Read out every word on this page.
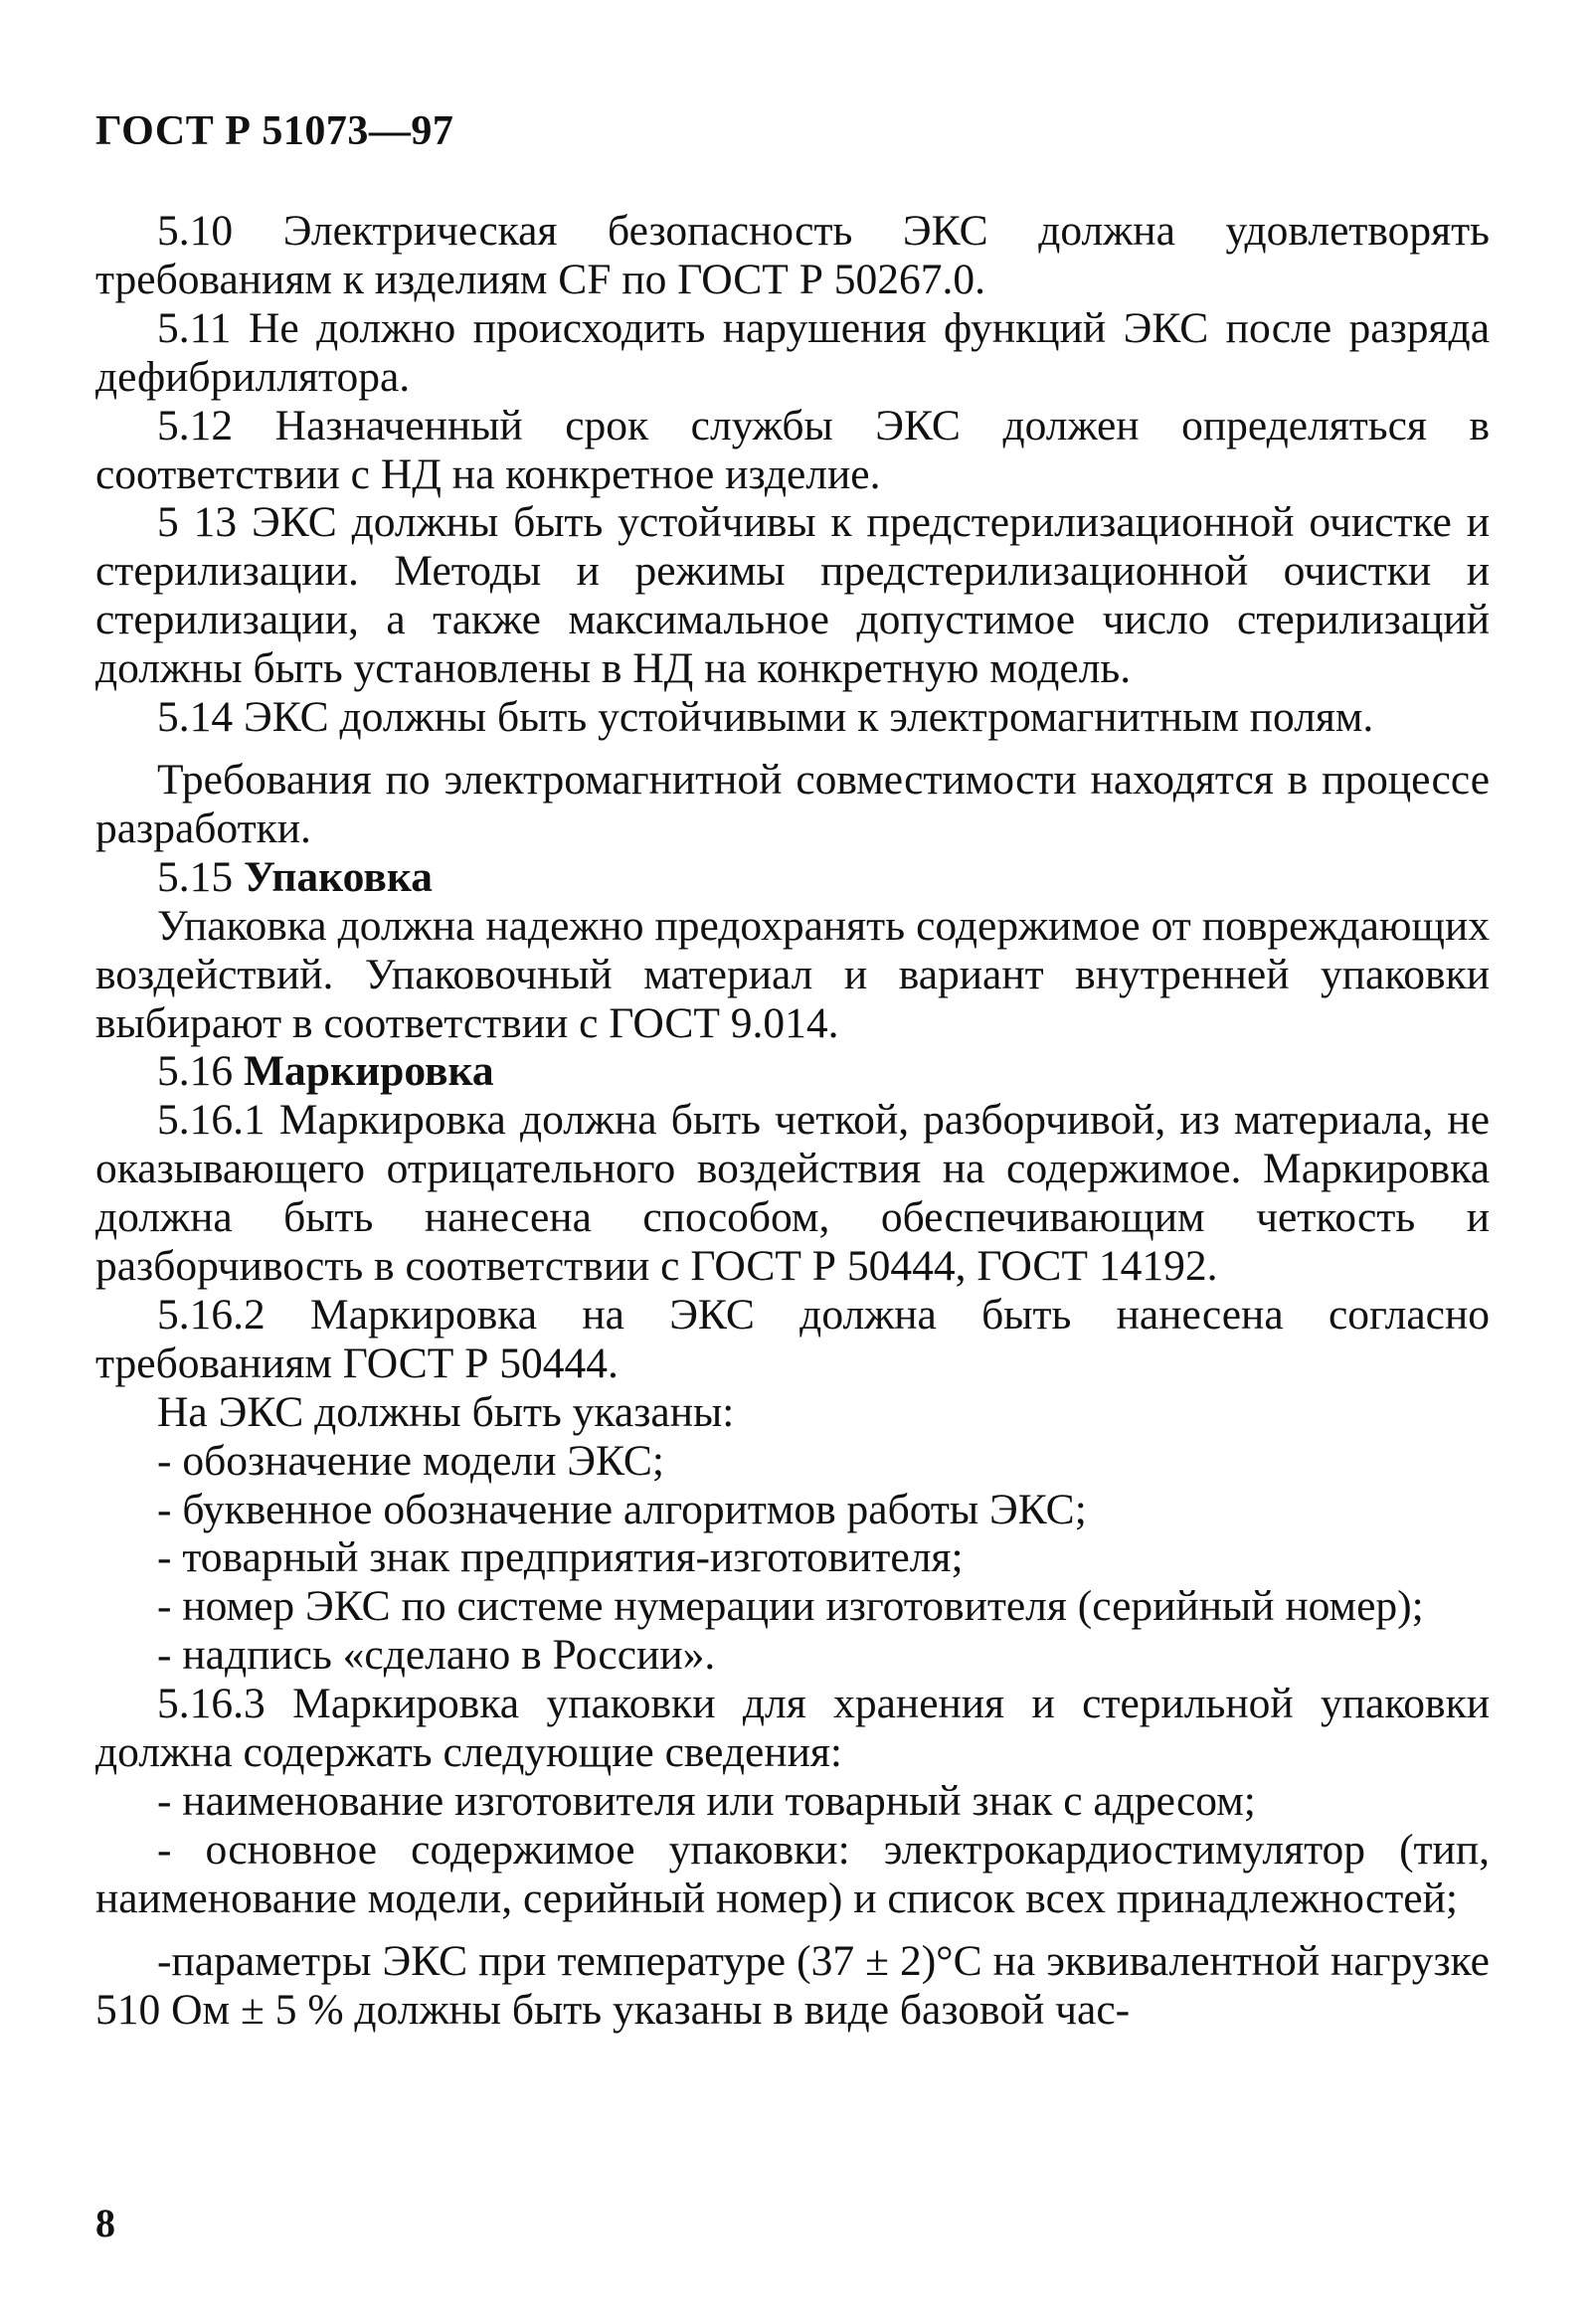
ГОСТ Р 51073—97

5.10 Электрическая безопасность ЭКС должна удовлетворять требованиям к изделиям CF по ГОСТ Р 50267.0.

5.11 Не должно происходить нарушения функций ЭКС после разряда дефибриллятора.

5.12 Назначенный срок службы ЭКС должен определяться в соответствии с НД на конкретное изделие.

5 13 ЭКС должны быть устойчивы к предстерилизационной очистке и стерилизации. Методы и режимы предстерилизационной очистки и стерилизации, а также максимальное допустимое число стерилизаций должны быть установлены в НД на конкретную модель.

5.14 ЭКС должны быть устойчивыми к электромагнитным полям.

Требования по электромагнитной совместимости находятся в процессе разработки.

5.15 Упаковка

Упаковка должна надежно предохранять содержимое от повреждающих воздействий. Упаковочный материал и вариант внутренней упаковки выбирают в соответствии с ГОСТ 9.014.

5.16 Маркировка

5.16.1 Маркировка должна быть четкой, разборчивой, из материала, не оказывающего отрицательного воздействия на содержимое. Маркировка должна быть нанесена способом, обеспечивающим четкость и разборчивость в соответствии с ГОСТ Р 50444, ГОСТ 14192.

5.16.2 Маркировка на ЭКС должна быть нанесена согласно требованиям ГОСТ Р 50444.

На ЭКС должны быть указаны:

- обозначение модели ЭКС;

- буквенное обозначение алгоритмов работы ЭКС;

- товарный знак предприятия-изготовителя;

- номер ЭКС по системе нумерации изготовителя (серийный номер);

- надпись «сделано в России».

5.16.3 Маркировка упаковки для хранения и стерильной упаковки должна содержать следующие сведения:

- наименование изготовителя или товарный знак с адресом;

- основное содержимое упаковки: электрокардиостимулятор (тип, наименование модели, серийный номер) и список всех принадлежностей;

-параметры ЭКС при температуре (37 ± 2)°С на эквивалентной нагрузке 510 Ом ± 5 % должны быть указаны в виде базовой час-

8
